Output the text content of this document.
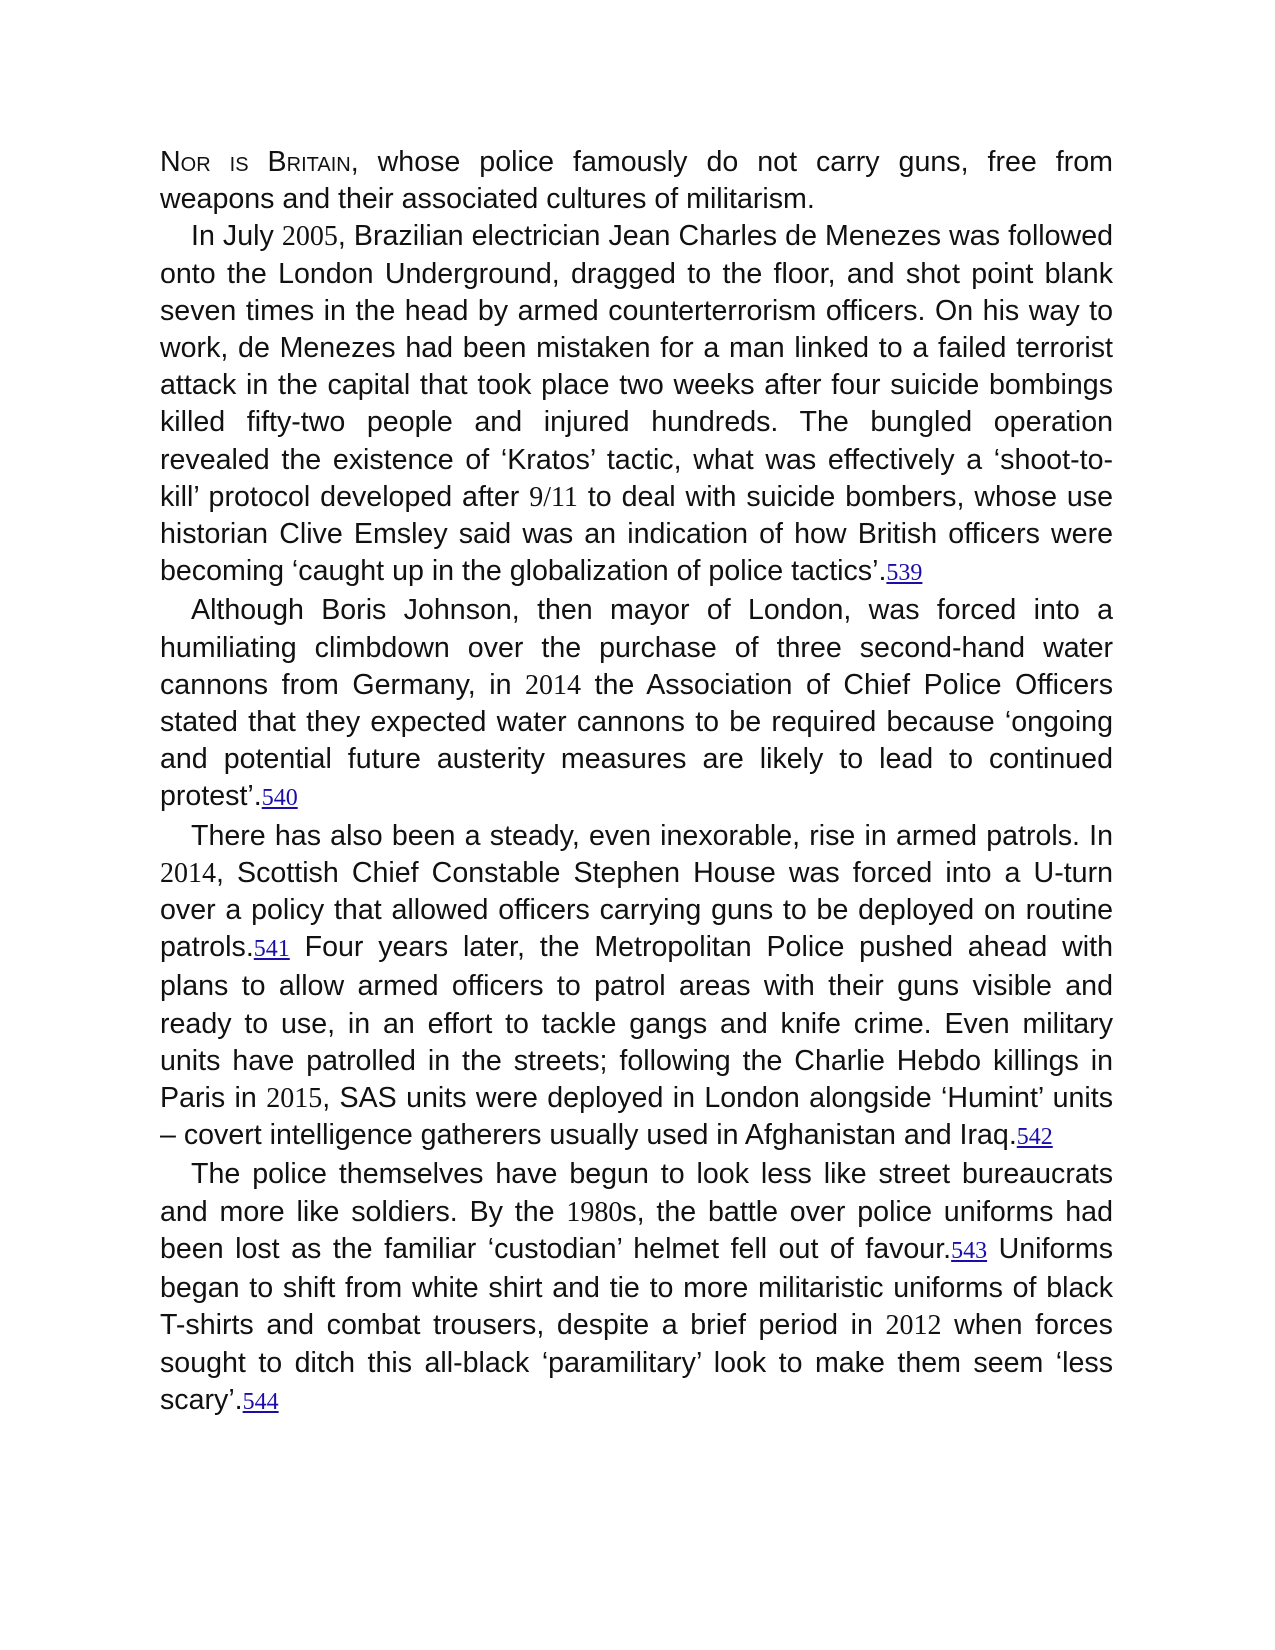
Nor is Britain, whose police famously do not carry guns, free from weapons and their associated cultures of militarism.

In July 2005, Brazilian electrician Jean Charles de Menezes was followed onto the London Underground, dragged to the floor, and shot point blank seven times in the head by armed counterterrorism officers. On his way to work, de Menezes had been mistaken for a man linked to a failed terrorist attack in the capital that took place two weeks after four suicide bombings killed fifty-two people and injured hundreds. The bungled operation revealed the existence of ‘Kratos’ tactic, what was effectively a ‘shoot-to-kill’ protocol developed after 9/11 to deal with suicide bombers, whose use historian Clive Emsley said was an indication of how British officers were becoming ‘caught up in the globalization of police tactics’.539

Although Boris Johnson, then mayor of London, was forced into a humiliating climbdown over the purchase of three second-hand water cannons from Germany, in 2014 the Association of Chief Police Officers stated that they expected water cannons to be required because ‘ongoing and potential future austerity measures are likely to lead to continued protest’.540

There has also been a steady, even inexorable, rise in armed patrols. In 2014, Scottish Chief Constable Stephen House was forced into a U-turn over a policy that allowed officers carrying guns to be deployed on routine patrols.541 Four years later, the Metropolitan Police pushed ahead with plans to allow armed officers to patrol areas with their guns visible and ready to use, in an effort to tackle gangs and knife crime. Even military units have patrolled in the streets; following the Charlie Hebdo killings in Paris in 2015, SAS units were deployed in London alongside ‘Humint’ units – covert intelligence gatherers usually used in Afghanistan and Iraq.542

The police themselves have begun to look less like street bureaucrats and more like soldiers. By the 1980s, the battle over police uniforms had been lost as the familiar ‘custodian’ helmet fell out of favour.543 Uniforms began to shift from white shirt and tie to more militaristic uniforms of black T-shirts and combat trousers, despite a brief period in 2012 when forces sought to ditch this all-black ‘paramilitary’ look to make them seem ‘less scary’.544
